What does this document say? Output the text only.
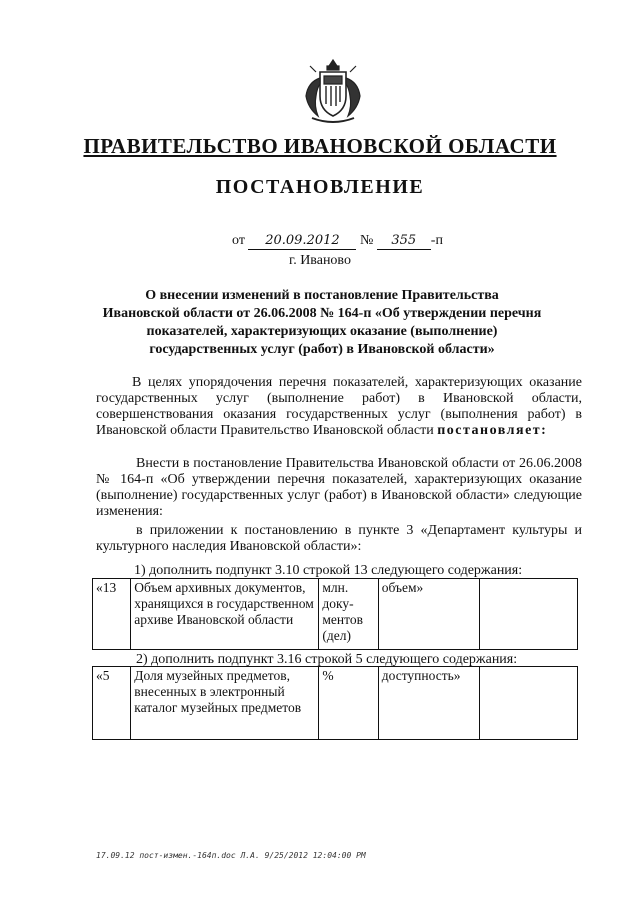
ПРАВИТЕЛЬСТВО ИВАНОВСКОЙ ОБЛАСТИ
ПОСТАНОВЛЕНИЕ
от 20.09.2012 № 355 -п
г. Иваново
О внесении изменений в постановление Правительства
Ивановской области от 26.06.2008 № 164-п «Об утверждении перечня
показателей, характеризующих оказание (выполнение)
государственных услуг (работ) в Ивановской области»
В целях упорядочения перечня показателей, характеризующих оказание государственных услуг (выполнение работ) в Ивановской области, совершенствования оказания государственных услуг (выполнения работ) в Ивановской области Правительство Ивановской области постановляет:
Внести в постановление Правительства Ивановской области от 26.06.2008 № 164-п «Об утверждении перечня показателей, характеризующих оказание (выполнение) государственных услуг (работ) в Ивановской области» следующие изменения:
в приложении к постановлению в пункте 3 «Департамент культуры и культурного наследия Ивановской области»:
1) дополнить подпункт 3.10 строкой 13 следующего содержания:
«13	Объем архивных документов, хранящихся в государственном архиве Ивановской области	млн. доку-ментов (дел)	объем»	
2) дополнить подпункт 3.16 строкой 5 следующего содержания:
«5	Доля музейных предметов, внесенных в электронный каталог музейных предметов	%	доступность»	
17.09.12 пост-измен.-164п.doc Л.А. 9/25/2012 12:04:00 PM
